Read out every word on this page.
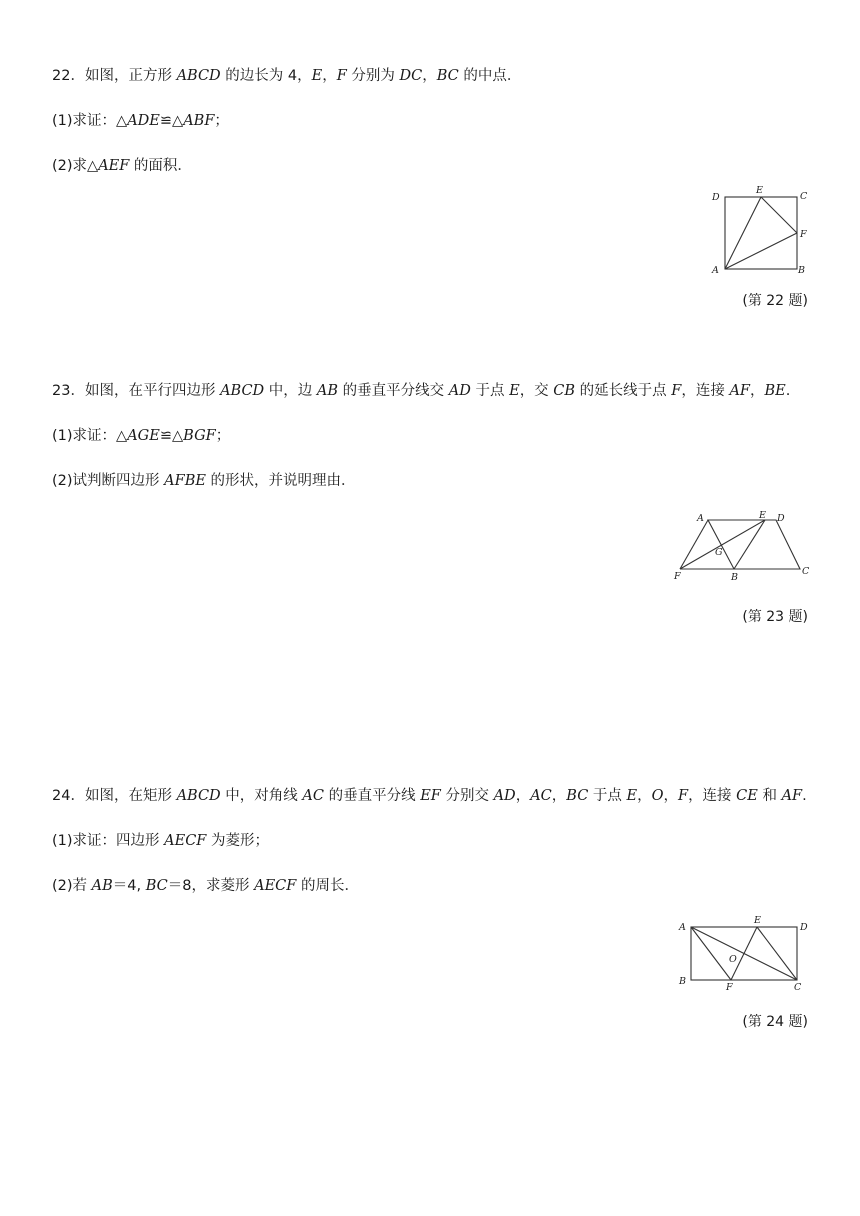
22．如图，正方形 ABCD 的边长为 4，E，F 分别为 DC，BC 的中点．
(1)求证：△ADE≌△ABF；
(2)求△AEF 的面积．
D
E
C
F
A	B
(第 22 题)
23．如图，在平行四边形 ABCD 中，边 AB 的垂直平分线交 AD 于点 E，交 CB 的延长线于点 F，连接 AF，BE.
(1)求证：△AGE≌△BGF；
(2)试判断四边形 AFBE 的形状，并说明理由．
A	E D
G
F	B
C
(第 23 题)
24．如图，在矩形 ABCD 中，对角线 AC 的垂直平分线 EF 分别交 AD，AC，BC 于点 E，O，F，连接 CE 和 AF.
(1)求证：四边形 AECF 为菱形；
(2)若 AB＝4, BC＝8，求菱形 AECF 的周长．
A
E
D
O
B
F	C
(第 24 题)
